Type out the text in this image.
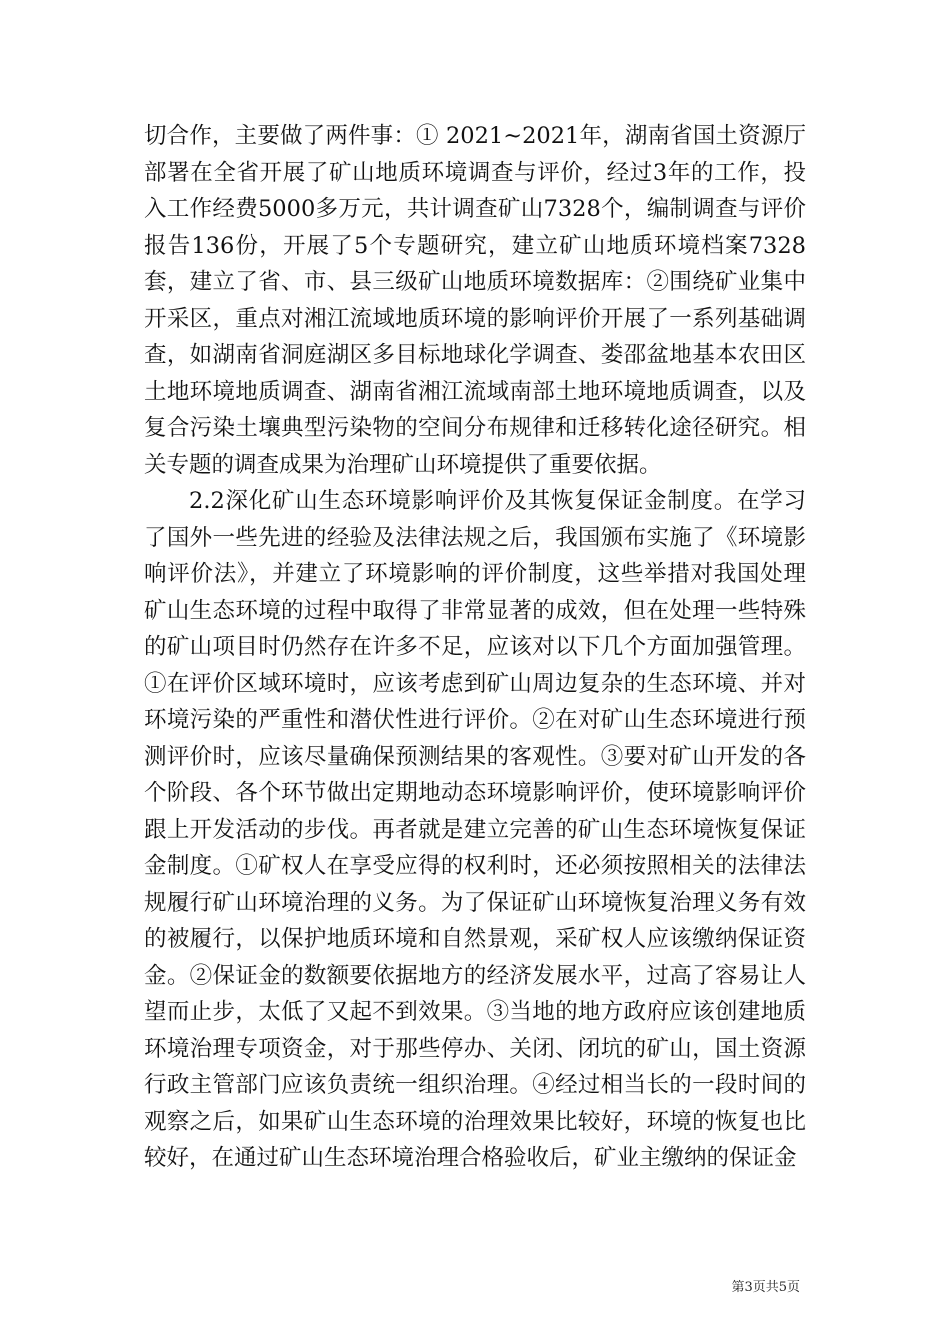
切合作，主要做了两件事：① 2021~2021年，湖南省国土资源厅部署在全省开展了矿山地质环境调查与评价，经过3年的工作，投入工作经费5000多万元，共计调查矿山7328个，编制调查与评价报告136份，开展了5个专题研究，建立矿山地质环境档案7328套，建立了省、市、县三级矿山地质环境数据库：②围绕矿业集中开采区，重点对湘江流域地质环境的影响评价开展了一系列基础调查，如湖南省洞庭湖区多目标地球化学调查、娄邵盆地基本农田区土地环境地质调查、湖南省湘江流域南部土地环境地质调查，以及复合污染土壤典型污染物的空间分布规律和迁移转化途径研究。相关专题的调查成果为治理矿山环境提供了重要依据。

2.2深化矿山生态环境影响评价及其恢复保证金制度。在学习了国外一些先进的经验及法律法规之后，我国颁布实施了《环境影响评价法》，并建立了环境影响的评价制度，这些举措对我国处理矿山生态环境的过程中取得了非常显著的成效，但在处理一些特殊的矿山项目时仍然存在许多不足，应该对以下几个方面加强管理。①在评价区域环境时，应该考虑到矿山周边复杂的生态环境、并对环境污染的严重性和潜伏性进行评价。②在对矿山生态环境进行预测评价时，应该尽量确保预测结果的客观性。③要对矿山开发的各个阶段、各个环节做出定期地动态环境影响评价，使环境影响评价跟上开发活动的步伐。再者就是建立完善的矿山生态环境恢复保证金制度。①矿权人在享受应得的权利时，还必须按照相关的法律法规履行矿山环境治理的义务。为了保证矿山环境恢复治理义务有效的被履行，以保护地质环境和自然景观，采矿权人应该缴纳保证资金。②保证金的数额要依据地方的经济发展水平，过高了容易让人望而止步，太低了又起不到效果。③当地的地方政府应该创建地质环境治理专项资金，对于那些停办、关闭、闭坑的矿山，国土资源行政主管部门应该负责统一组织治理。④经过相当长的一段时间的观察之后，如果矿山生态环境的治理效果比较好，环境的恢复也比较好，在通过矿山生态环境治理合格验收后，矿业主缴纳的保证金

第3页共5页
